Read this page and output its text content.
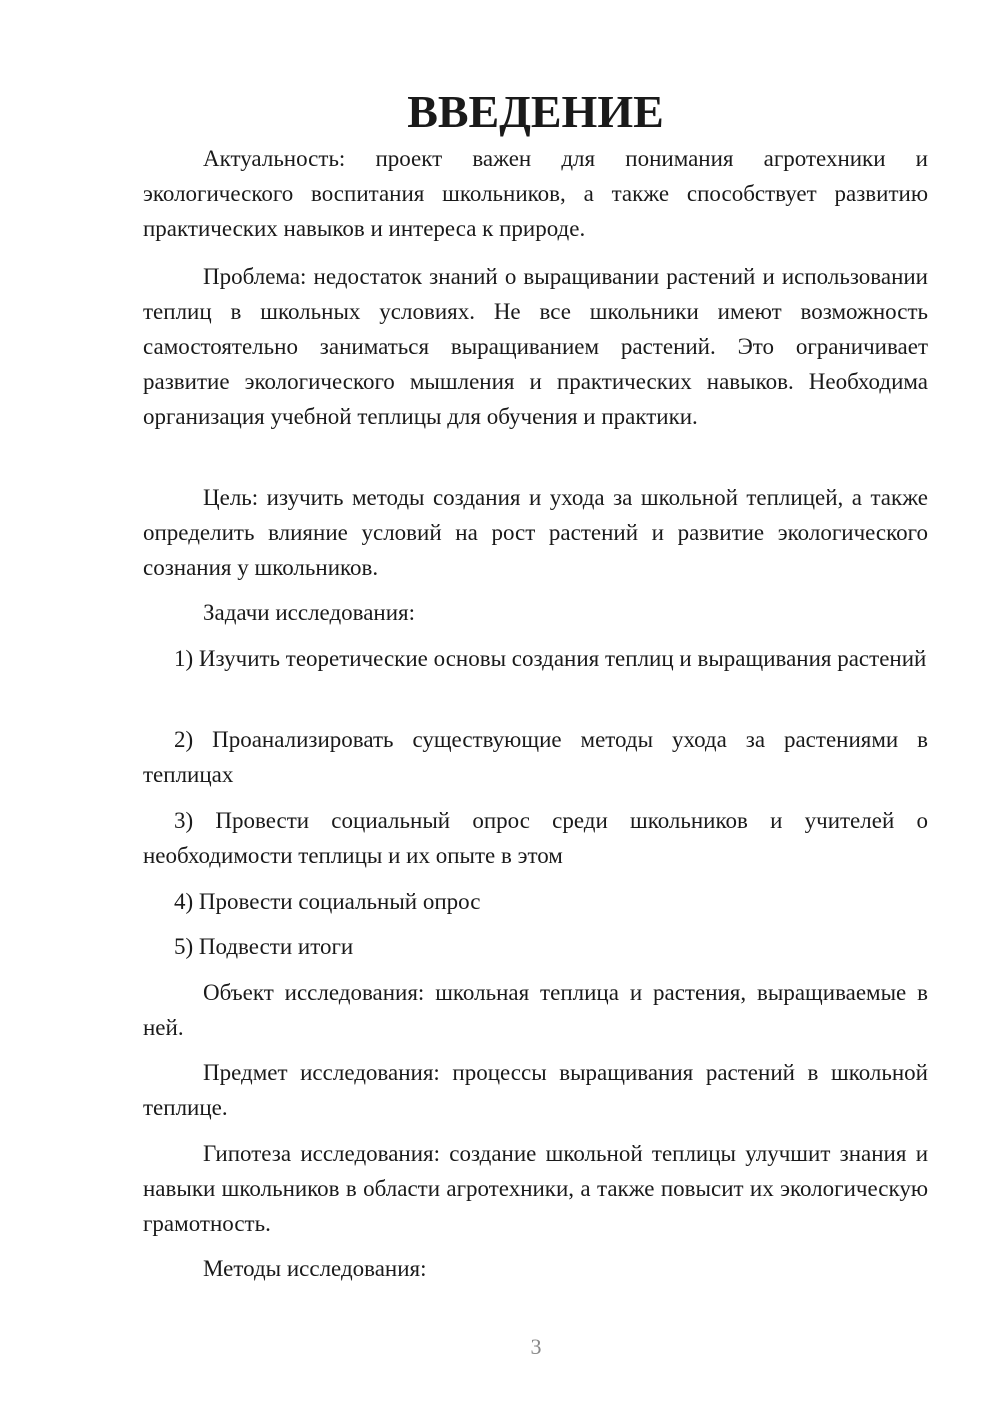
ВВЕДЕНИЕ

Актуальность: проект важен для понимания агротехники и экологического воспитания школьников, а также способствует развитию практических навыков и интереса к природе.

Проблема: недостаток знаний о выращивании растений и использовании теплиц в школьных условиях. Не все школьники имеют возможность самостоятельно заниматься выращиванием растений. Это ограничивает развитие экологического мышления и практических навыков. Необходима организация учебной теплицы для обучения и практики.

Цель: изучить методы создания и ухода за школьной теплицей, а также определить влияние условий на рост растений и развитие экологического сознания у школьников.

Задачи исследования:

1) Изучить теоретические основы создания теплиц и выращивания растений

2) Проанализировать существующие методы ухода за растениями в теплицах

3) Провести социальный опрос среди школьников и учителей о необходимости теплицы и их опыте в этом

4) Провести социальный опрос

5) Подвести итоги

Объект исследования: школьная теплица и растения, выращиваемые в ней.

Предмет исследования: процессы выращивания растений в школьной теплице.

Гипотеза исследования: создание школьной теплицы улучшит знания и навыки школьников в области агротехники, а также повысит их экологическую грамотность.

Методы исследования:

3
